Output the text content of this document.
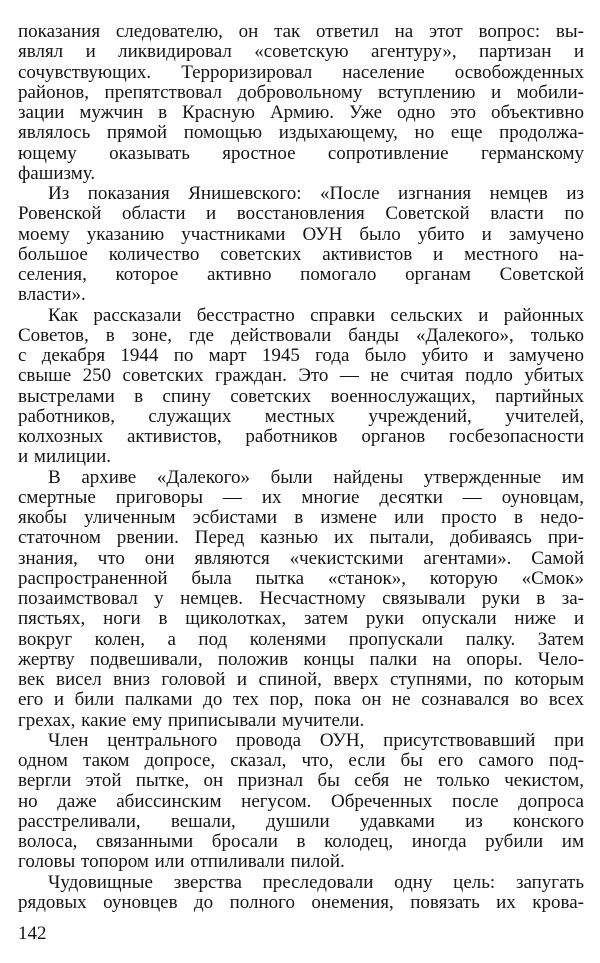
показания следователю, он так ответил на этот вопрос: вы-
являл и ликвидировал «советскую агентуру», партизан и
сочувствующих. Терроризировал население освобожденных
районов, препятствовал добровольному вступлению и мобили-
зации мужчин в Красную Армию. Уже одно это объективно
являлось прямой помощью издыхающему, но еще продолжа-
ющему оказывать яростное сопротивление германскому
фашизму.
Из показания Янишевского: «После изгнания немцев из
Ровенской области и восстановления Советской власти по
моему указанию участниками ОУН было убито и замучено
большое количество советских активистов и местного на-
селения, которое активно помогало органам Советской
власти».
Как рассказали бесстрастно справки сельских и районных
Советов, в зоне, где действовали банды «Далекого», только
с декабря 1944 по март 1945 года было убито и замучено
свыше 250 советских граждан. Это — не считая подло убитых
выстрелами в спину советских военнослужащих, партийных
работников, служащих местных учреждений, учителей,
колхозных активистов, работников органов госбезопасности
и милиции.
В архиве «Далекого» были найдены утвержденные им
смертные приговоры — их многие десятки — оуновцам,
якобы уличенным эсбистами в измене или просто в недо-
статочном рвении. Перед казнью их пытали, добиваясь при-
знания, что они являются «чекистскими агентами». Самой
распространенной была пытка «станок», которую «Смок»
позаимствовал у немцев. Несчастному связывали руки в за-
пястьях, ноги в щиколотках, затем руки опускали ниже и
вокруг колен, а под коленями пропускали палку. Затем
жертву подвешивали, положив концы палки на опоры. Чело-
век висел вниз головой и спиной, вверх ступнями, по которым
его и били палками до тех пор, пока он не сознавался во всех
грехах, какие ему приписывали мучители.
Член центрального провода ОУН, присутствовавший при
одном таком допросе, сказал, что, если бы его самого под-
вергли этой пытке, он признал бы себя не только чекистом,
но даже абиссинским негусом. Обреченных после допроса
расстреливали, вешали, душили удавками из конского
волоса, связанными бросали в колодец, иногда рубили им
головы топором или отпиливали пилой.
Чудовищные зверства преследовали одну цель: запугать
рядовых оуновцев до полного онемения, повязать их крова-
142
